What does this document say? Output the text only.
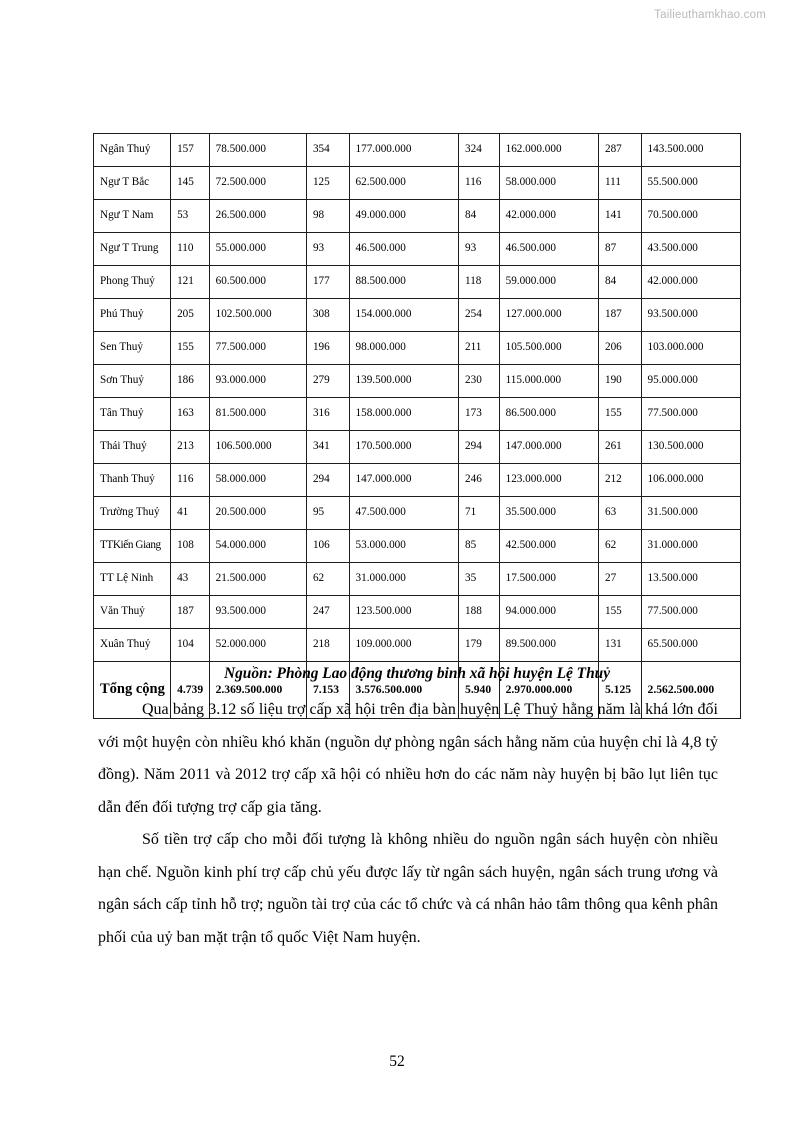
Tailieuthamkhao.com
Ngân Thuỷ	157	78.500.000	354	177.000.000	324	162.000.000	287	143.500.000
Ngư T Bắc	145	72.500.000	125	62.500.000	116	58.000.000	111	55.500.000
Ngư T Nam	53	26.500.000	98	49.000.000	84	42.000.000	141	70.500.000
Ngư T Trung	110	55.000.000	93	46.500.000	93	46.500.000	87	43.500.000
Phong Thuỷ	121	60.500.000	177	88.500.000	118	59.000.000	84	42.000.000
Phú Thuỷ	205	102.500.000	308	154.000.000	254	127.000.000	187	93.500.000
Sen Thuỷ	155	77.500.000	196	98.000.000	211	105.500.000	206	103.000.000
Sơn Thuỷ	186	93.000.000	279	139.500.000	230	115.000.000	190	95.000.000
Tân Thuỷ	163	81.500.000	316	158.000.000	173	86.500.000	155	77.500.000
Thái Thuỷ	213	106.500.000	341	170.500.000	294	147.000.000	261	130.500.000
Thanh Thuỷ	116	58.000.000	294	147.000.000	246	123.000.000	212	106.000.000
Trường Thuỷ	41	20.500.000	95	47.500.000	71	35.500.000	63	31.500.000
TTKiến Giang	108	54.000.000	106	53.000.000	85	42.500.000	62	31.000.000
TT Lệ Ninh	43	21.500.000	62	31.000.000	35	17.500.000	27	13.500.000
Văn Thuỷ	187	93.500.000	247	123.500.000	188	94.000.000	155	77.500.000
Xuân Thuỷ	104	52.000.000	218	109.000.000	179	89.500.000	131	65.500.000
Tổng cộng	4.739	2.369.500.000	7.153	3.576.500.000	5.940	2.970.000.000	5.125	2.562.500.000
Nguồn: Phòng Lao động thương binh xã hội huyện Lệ Thuỷ

Qua bảng 3.12 số liệu trợ cấp xã hội trên địa bàn huyện Lệ Thuỷ hằng năm là khá lớn đối với một huyện còn nhiều khó khăn (nguồn dự phòng ngân sách hằng năm của huyện chỉ là 4,8 tỷ đồng). Năm 2011 và 2012 trợ cấp xã hội có nhiều hơn do các năm này huyện bị bão lụt liên tục dẫn đến đối tượng trợ cấp gia tăng.

Số tiền trợ cấp cho mỗi đối tượng là không nhiều do nguồn ngân sách huyện còn nhiều hạn chế. Nguồn kinh phí trợ cấp chủ yếu được lấy từ ngân sách huyện, ngân sách trung ương và ngân sách cấp tỉnh hỗ trợ; nguồn tài trợ của các tổ chức và cá nhân hảo tâm thông qua kênh phân phối của uỷ ban mặt trận tổ quốc Việt Nam huyện.

52
